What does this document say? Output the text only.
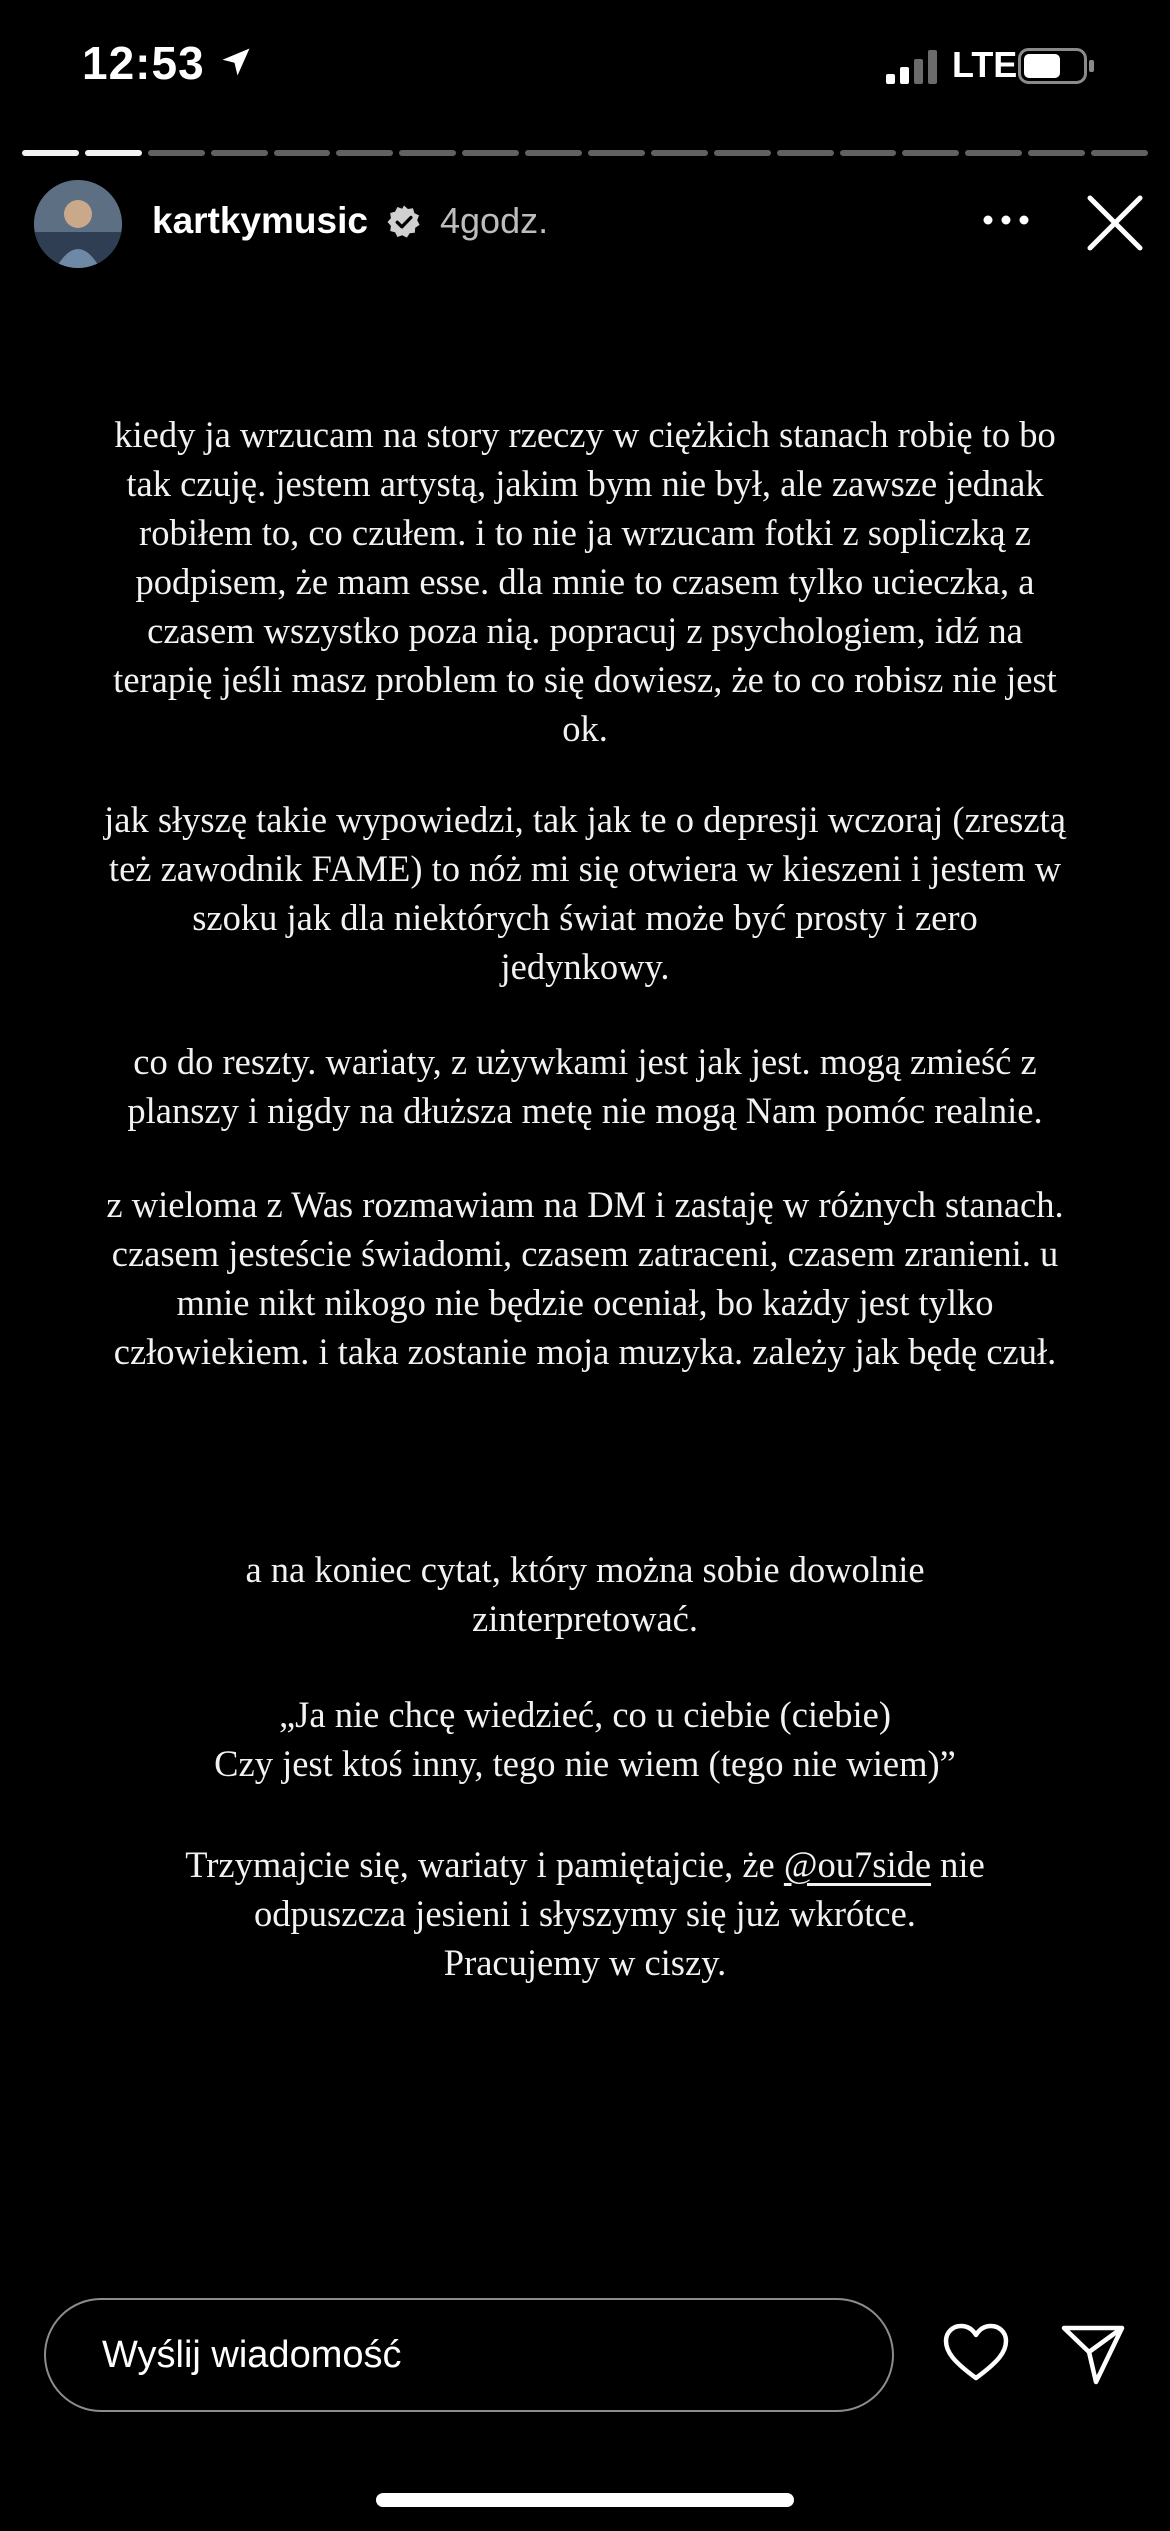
12:53	LTE
kartkymusic 4godz.
kiedy ja wrzucam na story rzeczy w ciężkich stanach robię to bo
tak czuję. jestem artystą, jakim bym nie był, ale zawsze jednak
robiłem to, co czułem. i to nie ja wrzucam fotki z sopliczką z
podpisem, że mam esse. dla mnie to czasem tylko ucieczka, a
czasem wszystko poza nią. popracuj z psychologiem, idź na
terapię jeśli masz problem to się dowiesz, że to co robisz nie jest
ok.
jak słyszę takie wypowiedzi, tak jak te o depresji wczoraj (zresztą
też zawodnik FAME) to nóż mi się otwiera w kieszeni i jestem w
szoku jak dla niektórych świat może być prosty i zero
jedynkowy.
co do reszty. wariaty, z używkami jest jak jest. mogą zmieść z
planszy i nigdy na dłuższa metę nie mogą Nam pomóc realnie.
z wieloma z Was rozmawiam na DM i zastaję w różnych stanach.
czasem jesteście świadomi, czasem zatraceni, czasem zranieni. u
mnie nikt nikogo nie będzie oceniał, bo każdy jest tylko
człowiekiem. i taka zostanie moja muzyka. zależy jak będę czuł.
a na koniec cytat, który można sobie dowolnie
zinterpretować.
„Ja nie chcę wiedzieć, co u ciebie (ciebie)
Czy jest ktoś inny, tego nie wiem (tego nie wiem)”
Trzymajcie się, wariaty i pamiętajcie, że @ou7side nie
odpuszcza jesieni i słyszymy się już wkrótce.
Pracujemy w ciszy.
Wyślij wiadomość
